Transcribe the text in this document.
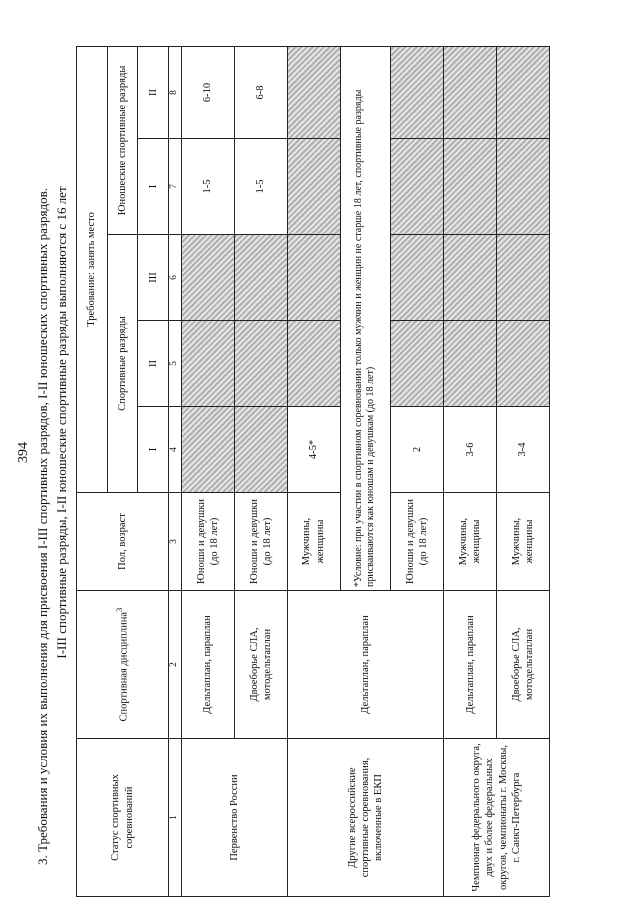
394 3. Требования и условия их выполнения для присвоения I-III спортивных разрядов, I-II юношеских спортивных разрядов. I-III спортивные разряды, I-II юношеские спортивные разряды выполняются с 16 лет
Статус спортивных соревнований	Спортивная дисциплина$^3$	Пол, возраст	Требование: занять место				
			Спортивные разряды			Юношеские спортивные разряды	
			I	II	III	I	II
1	2	3	4	5	6	7	8
Первенство России	Дельтаплан, параплан	Юноши и девушки (до 18 лет)				1-5	6-10
	Двоеборье СЛА, мотодельтаплан	Юноши и девушки (до 18 лет)				1-5	6-8
Другие всероссийские спортивные соревнования, включенные в ЕКП	Дельтаплан, параплан	Мужчины, женщины	4-5*				
		*Условие: при участии в спортивном соревновании только мужчин и женщин не старше 18 лет, спортивные разряды присваиваются как юношам и девушкам (до 18 лет)					
		Юноши и девушки (до 18 лет)	2				
Чемпионат федерального округа, двух и более федеральных округов, чемпионаты г. Москвы, г. Санкт-Петербурга	Дельтаплан, параплан	Мужчины, женщины	3-6				
	Двоеборье СЛА, мотодельтаплан	Мужчины, женщины	3-4				
